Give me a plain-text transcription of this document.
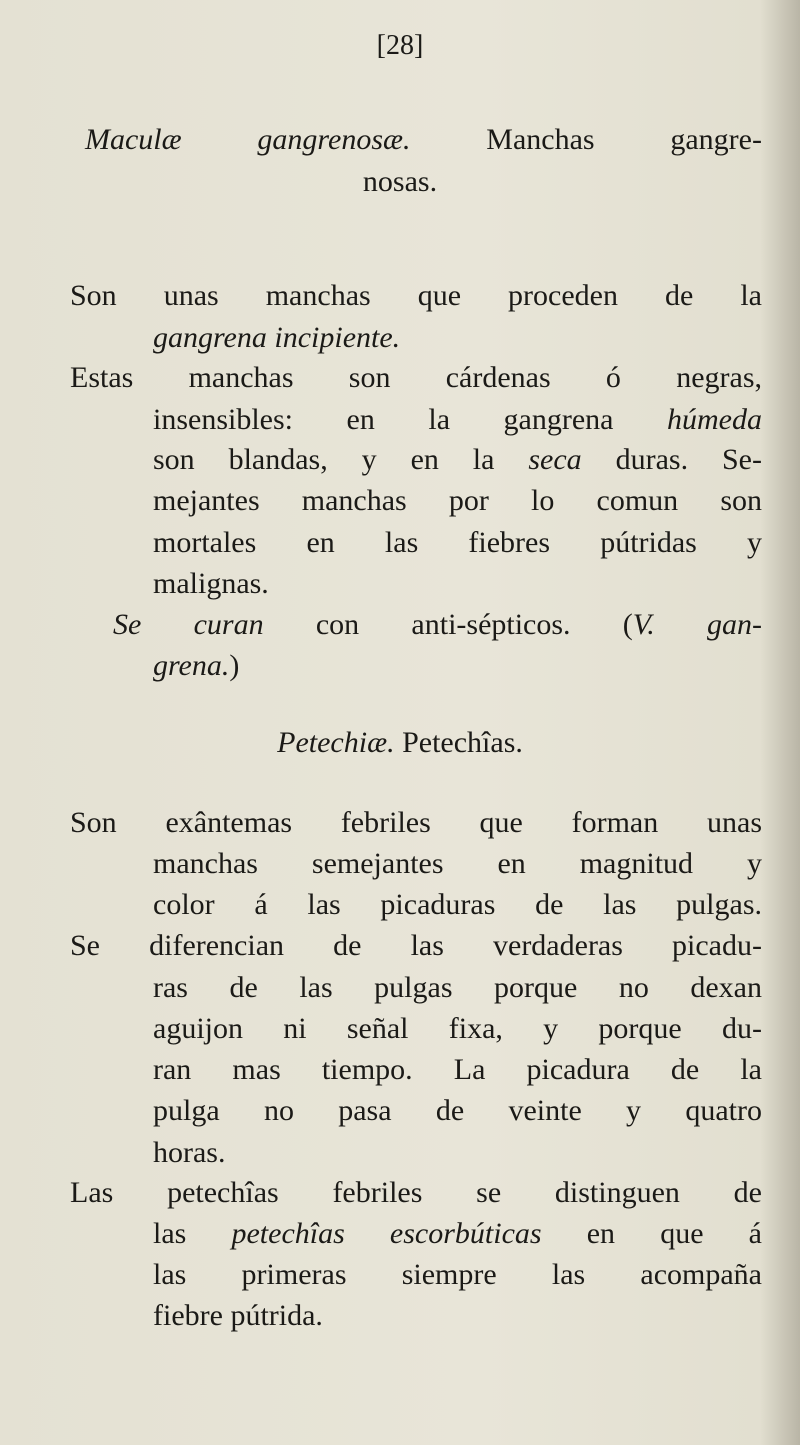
[28]
Maculæ gangrenosæ. Manchas gangre-
nosas.
Son unas manchas que proceden de la
gangrena incipiente.
Estas manchas son cárdenas ó negras,
insensibles: en la gangrena húmeda
son blandas, y en la seca duras. Se-
mejantes manchas por lo comun son
mortales en las fiebres pútridas y
malignas.
Se curan con anti-sépticos. (V. gan-
grena.)
Petechiæ. Petechîas.
Son exântemas febriles que forman unas
manchas semejantes en magnitud y
color á las picaduras de las pulgas.
Se diferencian de las verdaderas picadu-
ras de las pulgas porque no dexan
aguijon ni señal fixa, y porque du-
ran mas tiempo. La picadura de la
pulga no pasa de veinte y quatro
horas.
Las petechîas febriles se distinguen de
las petechîas escorbúticas en que á
las primeras siempre las acompaña
fiebre pútrida.
